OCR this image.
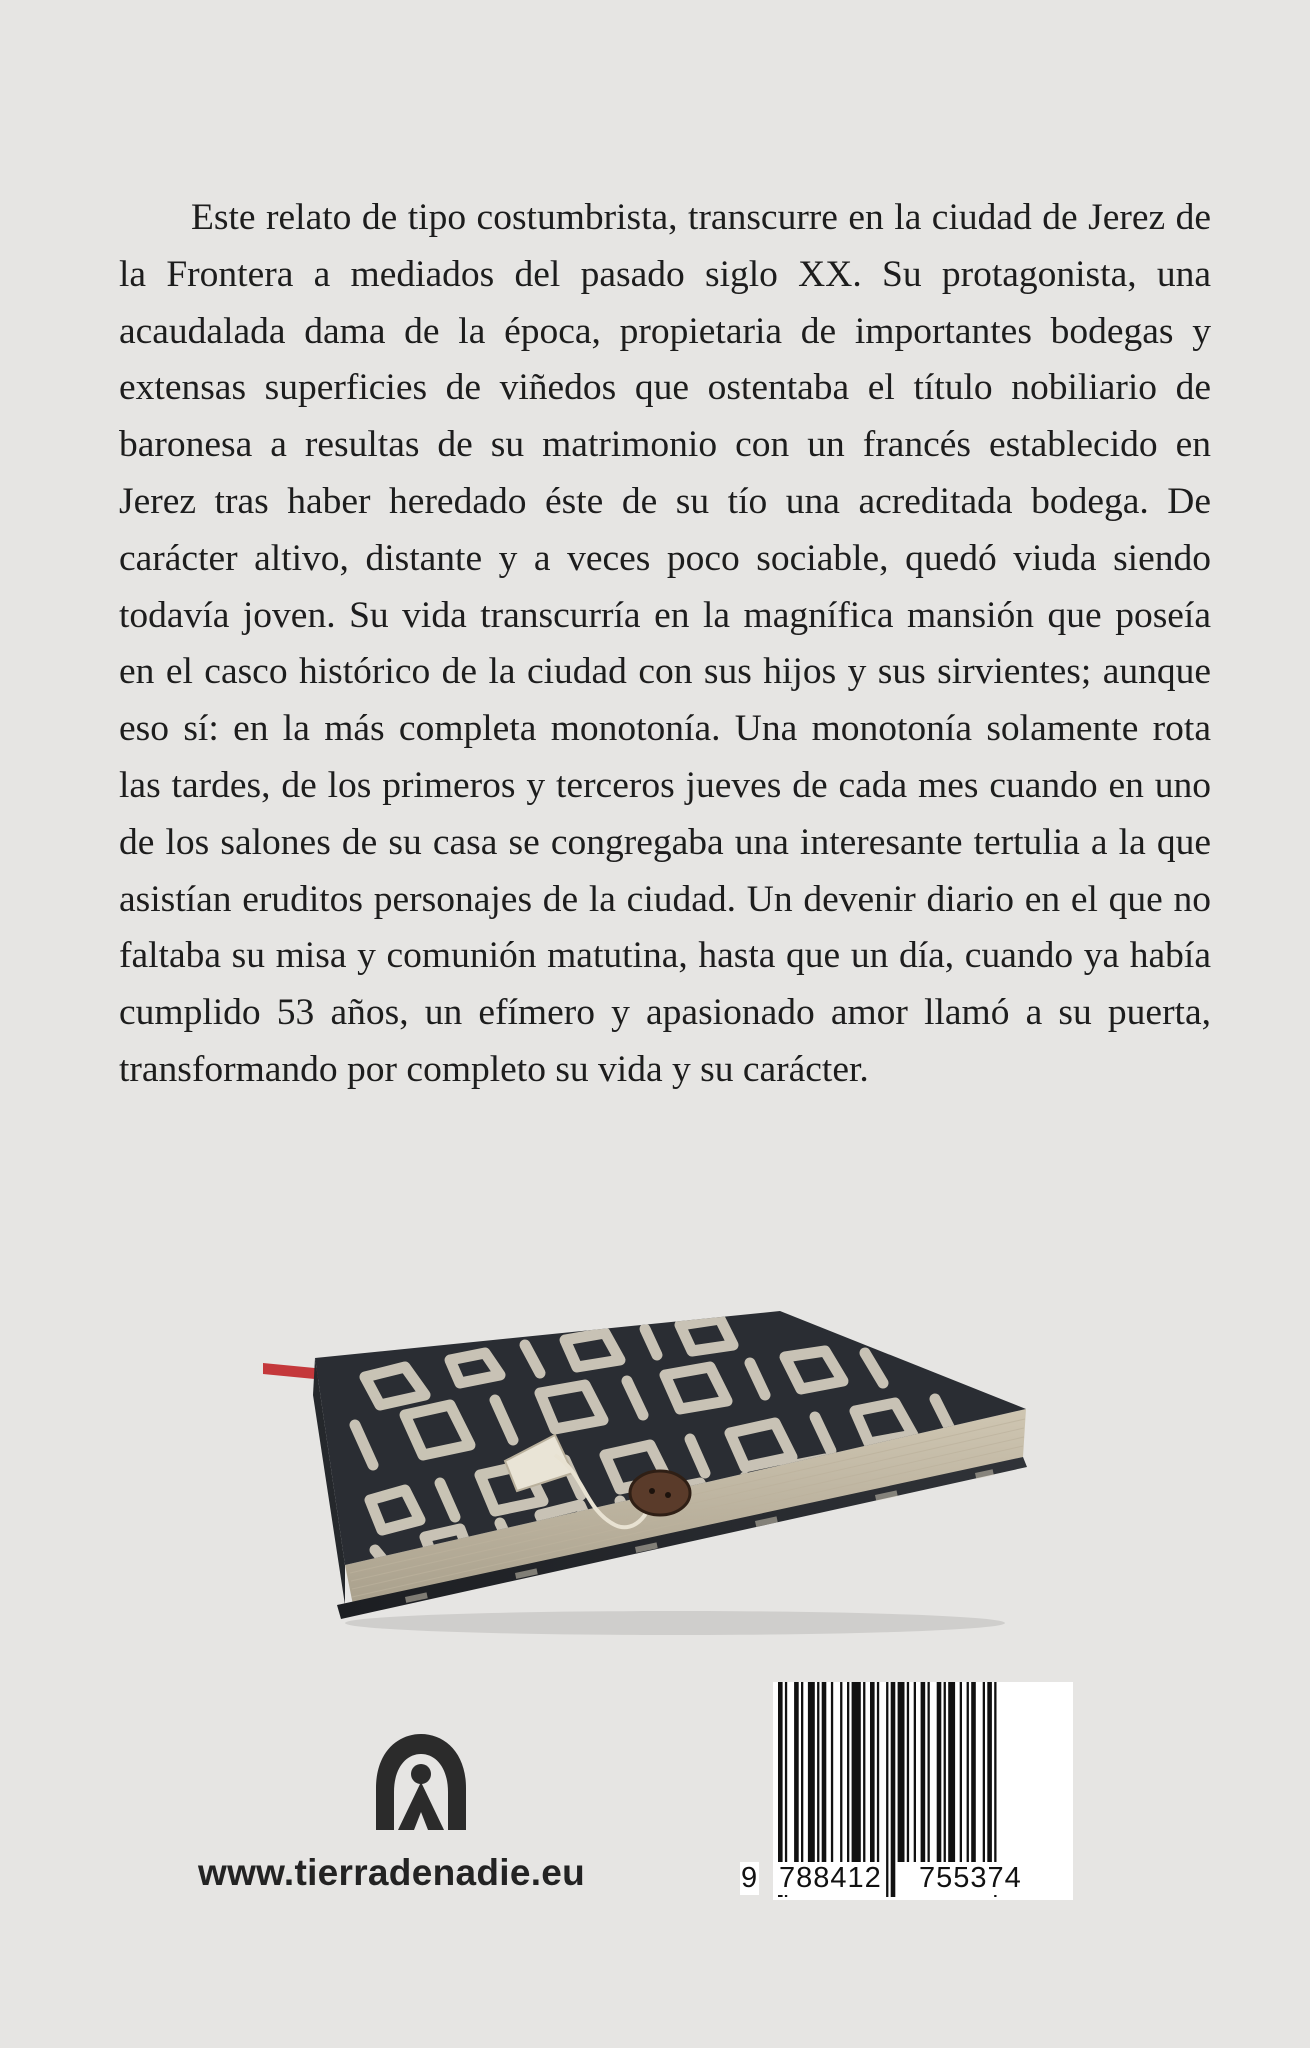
Este relato de tipo costumbrista, transcurre en la ciudad de Jerez de la Frontera a mediados del pasado siglo XX. Su protagonista, una acaudalada dama de la época, propietaria de importantes bodegas y extensas superficies de viñedos que ostentaba el título nobiliario de baronesa a resultas de su matrimonio con un francés establecido en Jerez tras haber heredado éste de su tío una acreditada bodega. De carácter altivo, distante y a veces poco sociable, quedó viuda siendo todavía joven. Su vida transcurría en la magnífica mansión que poseía en el casco histórico de la ciudad con sus hijos y sus sirvientes; aunque eso sí: en la más completa monotonía. Una monotonía solamente rota las tardes, de los primeros y terceros jueves de cada mes cuando en uno de los salones de su casa se congregaba una interesante tertulia a la que asistían eruditos personajes de la ciudad. Un devenir diario en el que no faltaba su misa y comunión matutina, hasta que un día, cuando ya había cumplido 53 años, un efímero y apasionado amor llamó a su puerta, transformando por completo su vida y su carácter.

www.tierradenadie.eu	9 788412 755374
